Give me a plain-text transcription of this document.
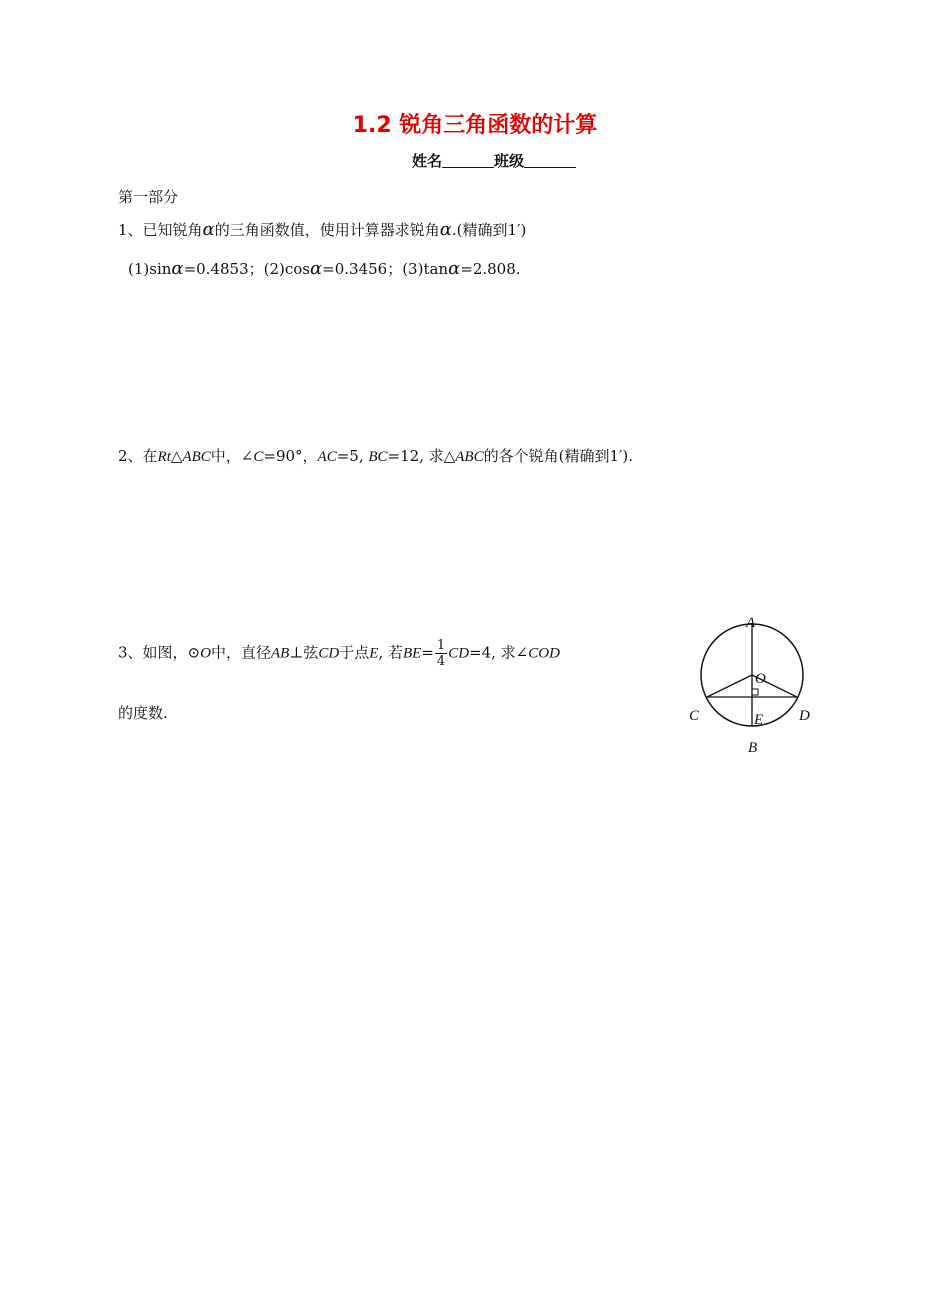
1.2 锐角三角函数的计算
姓名	班级
第一部分
1、已知锐角α的三角函数值，使用计算器求锐角α.(精确到1′)
(1)sinα=0.4853；(2)cosα=0.3456；(3)tanα=2.808.
2、在Rt△ABC中，∠C=90°，AC=5, BC=12, 求△ABC的各个锐角(精确到1′).
3、如图，⊙O中，直径AB⊥弦CD于点E, 若$BE= \frac{1}{4} CD=4$, 求∠COD
的度数.
A
O
C	E D
B
